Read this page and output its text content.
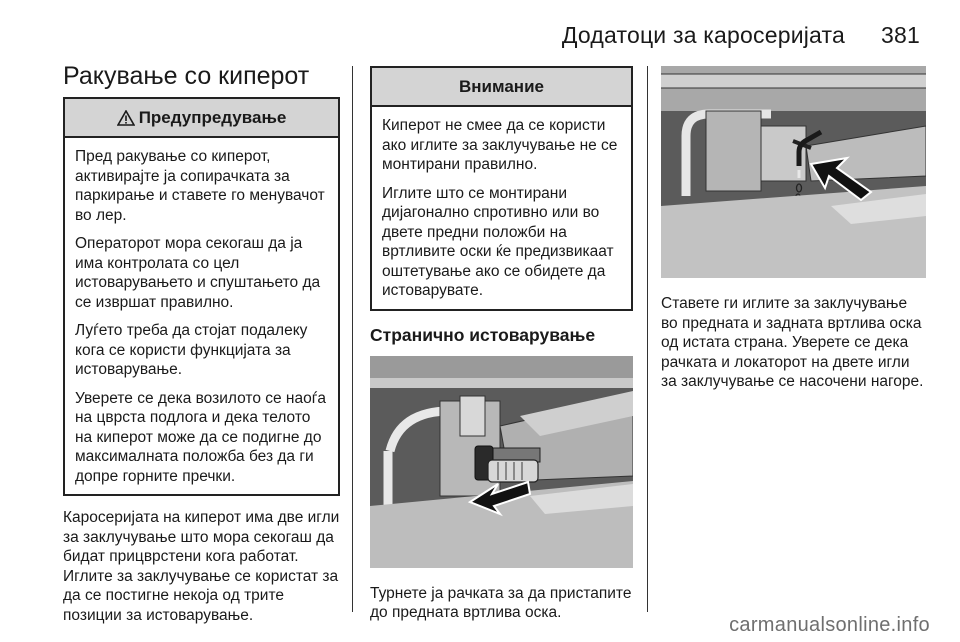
Додатоци за каросеријата 381
Ракување со киперот
Предупредување

Пред ракување со киперот, активирајте ја сопирачката за паркирање и ставете го менувачот во лер.

Операторот мора секогаш да ја има контролата со цел истоварувањето и спуштањето да се извршат правилно.

Луѓето треба да стојат подалеку кога се користи функцијата за истоварување.

Уверете се дека возилото се наоѓа на цврста подлога и дека телото на киперот може да се подигне до максималната положба без да ги допре горните пречки.

Каросеријата на киперот има две игли за заклучување што мора секогаш да бидат прицврстени кога работат. Иглите за заклучување се користат за да се постигне некоја од трите позиции за истоварување.

Внимание

Киперот не смее да се користи ако иглите за заклучување не се монтирани правилно.

Иглите што се монтирани дијагонално спротивно или во двете предни положби на вртливите оски ќе предизвикаат оштетување ако се обидете да истоварувате.

Странично истоварување

Турнете ја рачката за да пристапите до предната вртлива оска.

Ставете ги иглите за заклучување во предната и задната вртлива оска од истата страна. Уверете се дека рачката и локаторот на двете игли за заклучување се насочени нагоре.

carmanualsonline.info
